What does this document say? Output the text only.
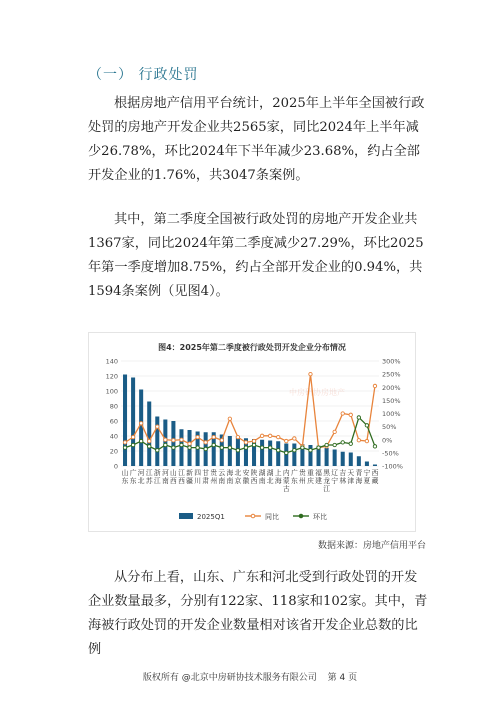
（一） 行政处罚

根据房地产信用平台统计，2025年上半年全国被行政处罚的房地产开发企业共2565家，同比2024年上半年减少26.78%，环比2024年下半年减少23.68%，约占全部开发企业的1.76%，共3047条案例。

其中，第二季度全国被行政处罚的房地产开发企业共1367家，同比2024年第二季度减少27.29%，环比2025年第一季度增加8.75%，约占全部开发企业的0.94%，共1594条案例（见图4）。

图4：2025年第二季度被行政处罚开发企业分布情况
0
20
40
60
80
100
120
140
-100%
-50%
0%
50%
100%
150%
200%
250%
300%
山
东
广
东
河
北
江
苏
浙
江
河
南
山
西
江
西
新
疆
四
川
甘
肃
贵
州
云
南
海
南
北
京
安
徽
陕
西
湖
南
湖
北
上
海
内
蒙
古
广
东
贵
州
重
庆
福
建
黑
龙
江
辽
宁
吉
林
天
津
青
海
宁
夏
西
藏
2025Q1	同比	环比
中房研协房地产
数据来源：房地产信用平台

从分布上看，山东、广东和河北受到行政处罚的开发企业数量最多，分别有122家、118家和102家。其中，青海被行政处罚的开发企业数量相对该省开发企业总数的比例

版权所有 @北京中房研协技术服务有限公司 第 4 页
